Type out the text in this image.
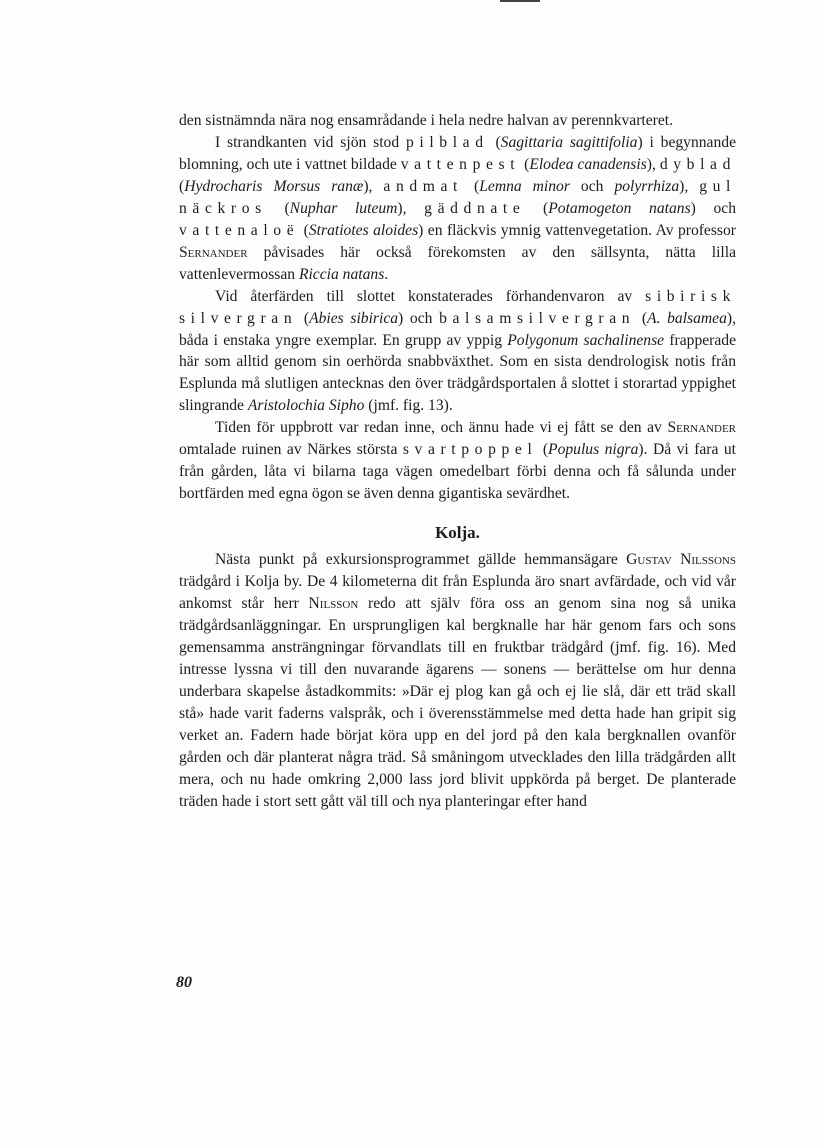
den sistnämnda nära nog ensamrådande i hela nedre halvan av perennkvarteret.

I strandkanten vid sjön stod pilblad (Sagittaria sagittifolia) i begynnande blomning, och ute i vattnet bildade vattenpest (Elodea canadensis), dyblad (Hydrocharis Morsus ranæ), andmat (Lemna minor och polyrrhiza), gul näckros (Nuphar luteum), gäddnate (Potamogeton natans) och vattenaloë (Stratiotes aloides) en fläckvis ymnig vattenvegetation. Av professor Sernander påvisades här också förekomsten av den sällsynta, nätta lilla vattenlevermossan Riccia natans.

Vid återfärden till slottet konstaterades förhandenvaron av sibirisk silvergran (Abies sibirica) och balsamsilvergran (A. balsamea), båda i enstaka yngre exemplar. En grupp av yppig Polygonum sachalinense frapperade här som alltid genom sin oerhörda snabbväxthet. Som en sista dendrologisk notis från Esplunda må slutligen antecknas den över trädgårdsportalen å slottet i storartad yppighet slingrande Aristolochia Sipho (jmf. fig. 13).

Tiden för uppbrott var redan inne, och ännu hade vi ej fått se den av Sernander omtalade ruinen av Närkes största svartpoppel (Populus nigra). Då vi fara ut från gården, låta vi bilarna taga vägen omedelbart förbi denna och få sålunda under bortfärden med egna ögon se även denna gigantiska sevärdhet.

Kolja.

Nästa punkt på exkursionsprogrammet gällde hemmansägare Gustav Nilssons trädgård i Kolja by. De 4 kilometerna dit från Esplunda äro snart avfärdade, och vid vår ankomst står herr Nilsson redo att själv föra oss an genom sina nog så unika trädgårdsanläggningar. En ursprungligen kal bergknalle har här genom fars och sons gemensamma ansträngningar förvandlats till en fruktbar trädgård (jmf. fig. 16). Med intresse lyssna vi till den nuvarande ägarens — sonens — berättelse om hur denna underbara skapelse åstadkommits: »Där ej plog kan gå och ej lie slå, där ett träd skall stå» hade varit faderns valspråk, och i överensstämmelse med detta hade han gripit sig verket an. Fadern hade börjat köra upp en del jord på den kala bergknallen ovanför gården och där planterat några träd. Så småningom utvecklades den lilla trädgården allt mera, och nu hade omkring 2,000 lass jord blivit uppkörda på berget. De planterade träden hade i stort sett gått väl till och nya planteringar efter hand

80
